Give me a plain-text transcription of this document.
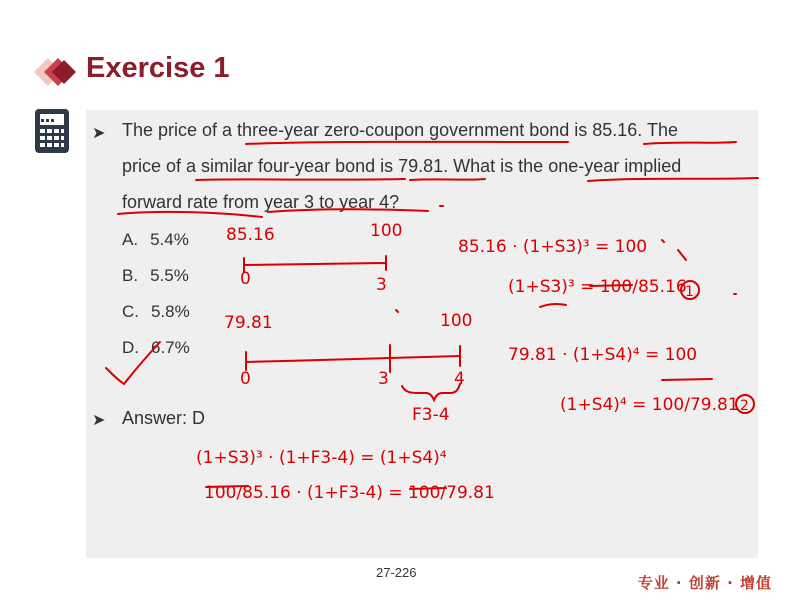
Exercise 1
➤ The price of a three-year zero-coupon government bond is 85.16. The
price of a similar four-year bond is 79.81. What is the one-year implied
forward rate from year 3 to year 4?
A. 5.4%
B. 5.5%
C. 5.8%
D. 6.7%
➤ Answer: D
85.16	100
0	3
79.81	100
0	3	4
F3-4
85.16 · (1+S3)³ = 100
(1+S3)³ = 100/85.16
1
79.81 · (1+S4)⁴ = 100
(1+S4)⁴ = 100/79.81 2
(1+S3)³ · (1+F3-4) = (1+S4)⁴
100/85.16 · (1+F3-4) = 100/79.81
27-226
专业 · 创新 · 增值
